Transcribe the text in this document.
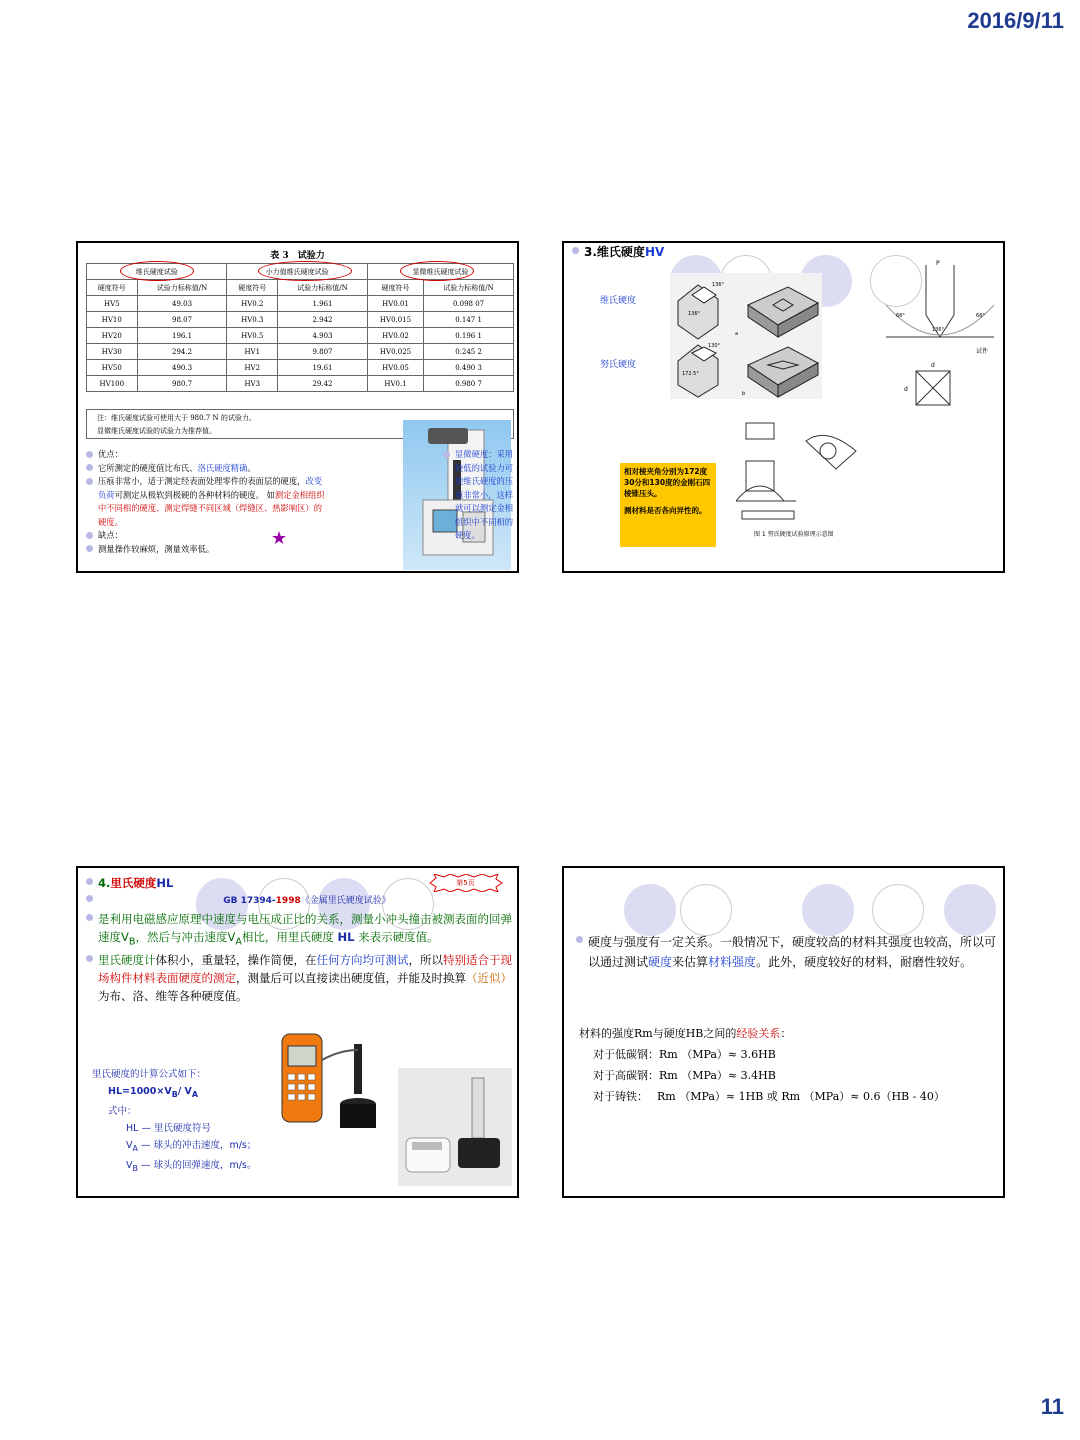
2016/9/11
表 3　试验力
维氏硬度试验		小力值维氏硬度试验		显微维氏硬度试验	
硬度符号	试验力标称值/N	硬度符号	试验力标称值/N	硬度符号	试验力标称值/N
HV5	49.03	HV0.2	1.961	HV0.01	0.098 07
HV10	98.07	HV0.3	2.942	HV0.015	0.147 1
HV20	196.1	HV0.5	4.903	HV0.02	0.196 1
HV30	294.2	HV1	9.807	HV0.025	0.245 2
HV50	490.3	HV2	19.61	HV0.05	0.490 3
HV100	980.7	HV3	29.42	HV0.1	0.980 7
注：维氏硬度试验可使用大于 980.7 N 的试验力。
显微维氏硬度试验的试验力为推荐值。
优点：
它所测定的硬度值比布氏、洛氏硬度精确。
压痕非常小，适于测定经表面处理零件的表面层的硬度，改变负荷可测定从极软到极硬的各种材料的硬度。 如测定金相组织中不同相的硬度、测定焊缝不同区域（焊缝区、热影响区）的硬度。
缺点：
测量操作较麻烦，测量效率低。	★
显微硬度：采用较低的试验力可使维氏硬度的压痕非常小，这样就可以测定金相组织中不同相的硬度。
3.维氏硬度HV
维氏硬度
努氏硬度
136°
136°
a
130°
172.5°
b
P
68°	68°
136°
试件
d
d
相对棱夹角分别为172度30分和130度的金刚石四棱锥压头。
测材料是否各向异性的。
图 1 努氏硬度试验原理示意图
第5页
4.里氏硬度HL
GB 17394-1998《金属里氏硬度试验》
是利用电磁感应原理中速度与电压成正比的关系，测量小冲头撞击被测表面的回弹速度$V_B$，然后与冲击速度$V_A$相比，用里氏硬度 HL 来表示硬度值。
里氏硬度计体积小，重量轻，操作简便，在任何方向均可测试，所以特别适合于现场构件材料表面硬度的测定，测量后可以直接读出硬度值，并能及时换算（近似）为布、洛、维等各种硬度值。
里氏硬度的计算公式如下：
$HL=1000\times V_B/$ $V_A$
式中：
HL — 里氏硬度符号
$V_A$ — 球头的冲击速度，m/s；
$V_B$ — 球头的回弹速度，m/s。
硬度与强度有一定关系。一般情况下，硬度较高的材料其强度也较高，所以可以通过测试硬度来估算材料强度。此外，硬度较好的材料，耐磨性较好。
材料的强度Rm与硬度HB之间的经验关系：
对于低碳钢：Rm （MPa）≈ 3.6HB
对于高碳钢：Rm （MPa）≈ 3.4HB
对于铸铁：　 Rm （MPa）≈ 1HB 或 Rm （MPa）≈ 0.6（HB - 40）
11
